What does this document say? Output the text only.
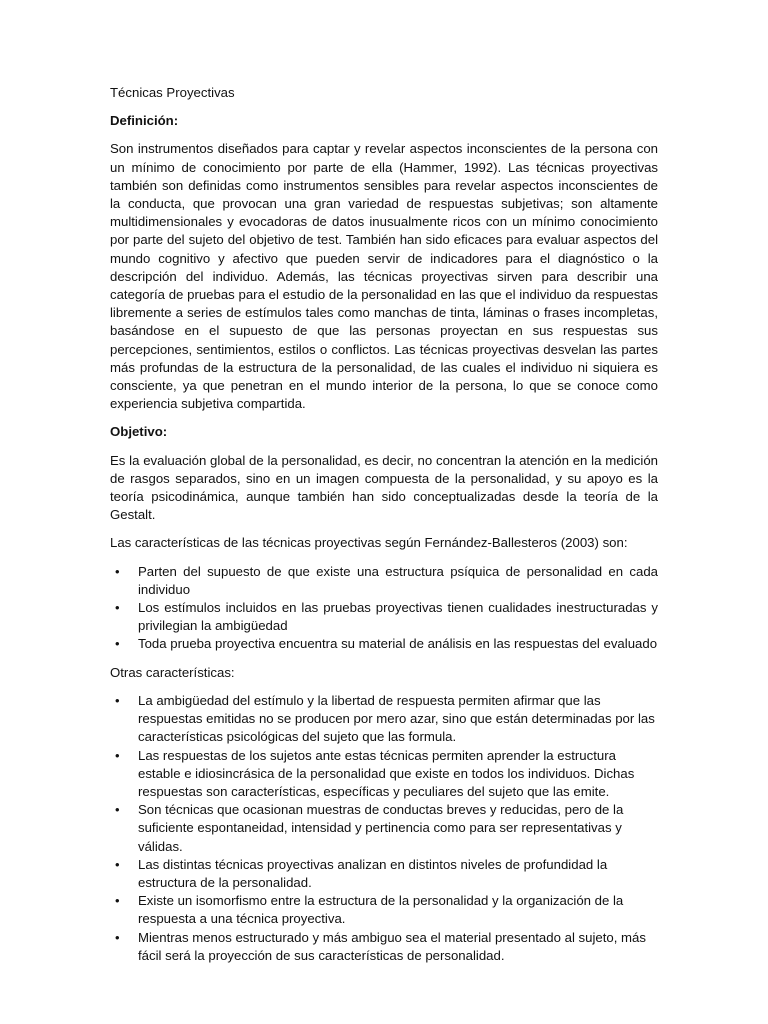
Técnicas Proyectivas
Definición:
Son instrumentos diseñados para captar y revelar aspectos inconscientes de la persona con un mínimo de conocimiento por parte de ella (Hammer, 1992). Las técnicas proyectivas también son definidas como instrumentos sensibles para revelar aspectos inconscientes de la conducta, que provocan una gran variedad de respuestas subjetivas; son altamente multidimensionales y evocadoras de datos inusualmente ricos con un mínimo conocimiento por parte del sujeto del objetivo de test. También han sido eficaces para evaluar aspectos del mundo cognitivo y afectivo que pueden servir de indicadores para el diagnóstico o la descripción del individuo. Además, las técnicas proyectivas sirven para describir una categoría de pruebas para el estudio de la personalidad en las que el individuo da respuestas libremente a series de estímulos tales como manchas de tinta, láminas o frases incompletas, basándose en el supuesto de que las personas proyectan en sus respuestas sus percepciones, sentimientos, estilos o conflictos. Las técnicas proyectivas desvelan las partes más profundas de la estructura de la personalidad, de las cuales el individuo ni siquiera es consciente, ya que penetran en el mundo interior de la persona, lo que se conoce como experiencia subjetiva compartida.
Objetivo:
Es la evaluación global de la personalidad, es decir, no concentran la atención en la medición de rasgos separados, sino en un imagen compuesta de la personalidad, y su apoyo es la teoría psicodinámica, aunque también han sido conceptualizadas desde la teoría de la Gestalt.
Las características de las técnicas proyectivas según Fernández-Ballesteros (2003) son:
• Parten del supuesto de que existe una estructura psíquica de personalidad en cada individuo
• Los estímulos incluidos en las pruebas proyectivas tienen cualidades inestructuradas y privilegian la ambigüedad
• Toda prueba proyectiva encuentra su material de análisis en las respuestas del evaluado
Otras características:
• La ambigüedad del estímulo y la libertad de respuesta permiten afirmar que las respuestas emitidas no se producen por mero azar, sino que están determinadas por las características psicológicas del sujeto que las formula.
• Las respuestas de los sujetos ante estas técnicas permiten aprender la estructura estable e idiosincrásica de la personalidad que existe en todos los individuos. Dichas respuestas son características, específicas y peculiares del sujeto que las emite.
• Son técnicas que ocasionan muestras de conductas breves y reducidas, pero de la suficiente espontaneidad, intensidad y pertinencia como para ser representativas y válidas.
• Las distintas técnicas proyectivas analizan en distintos niveles de profundidad la estructura de la personalidad.
• Existe un isomorfismo entre la estructura de la personalidad y la organización de la respuesta a una técnica proyectiva.
• Mientras menos estructurado y más ambiguo sea el material presentado al sujeto, más fácil será la proyección de sus características de personalidad.
